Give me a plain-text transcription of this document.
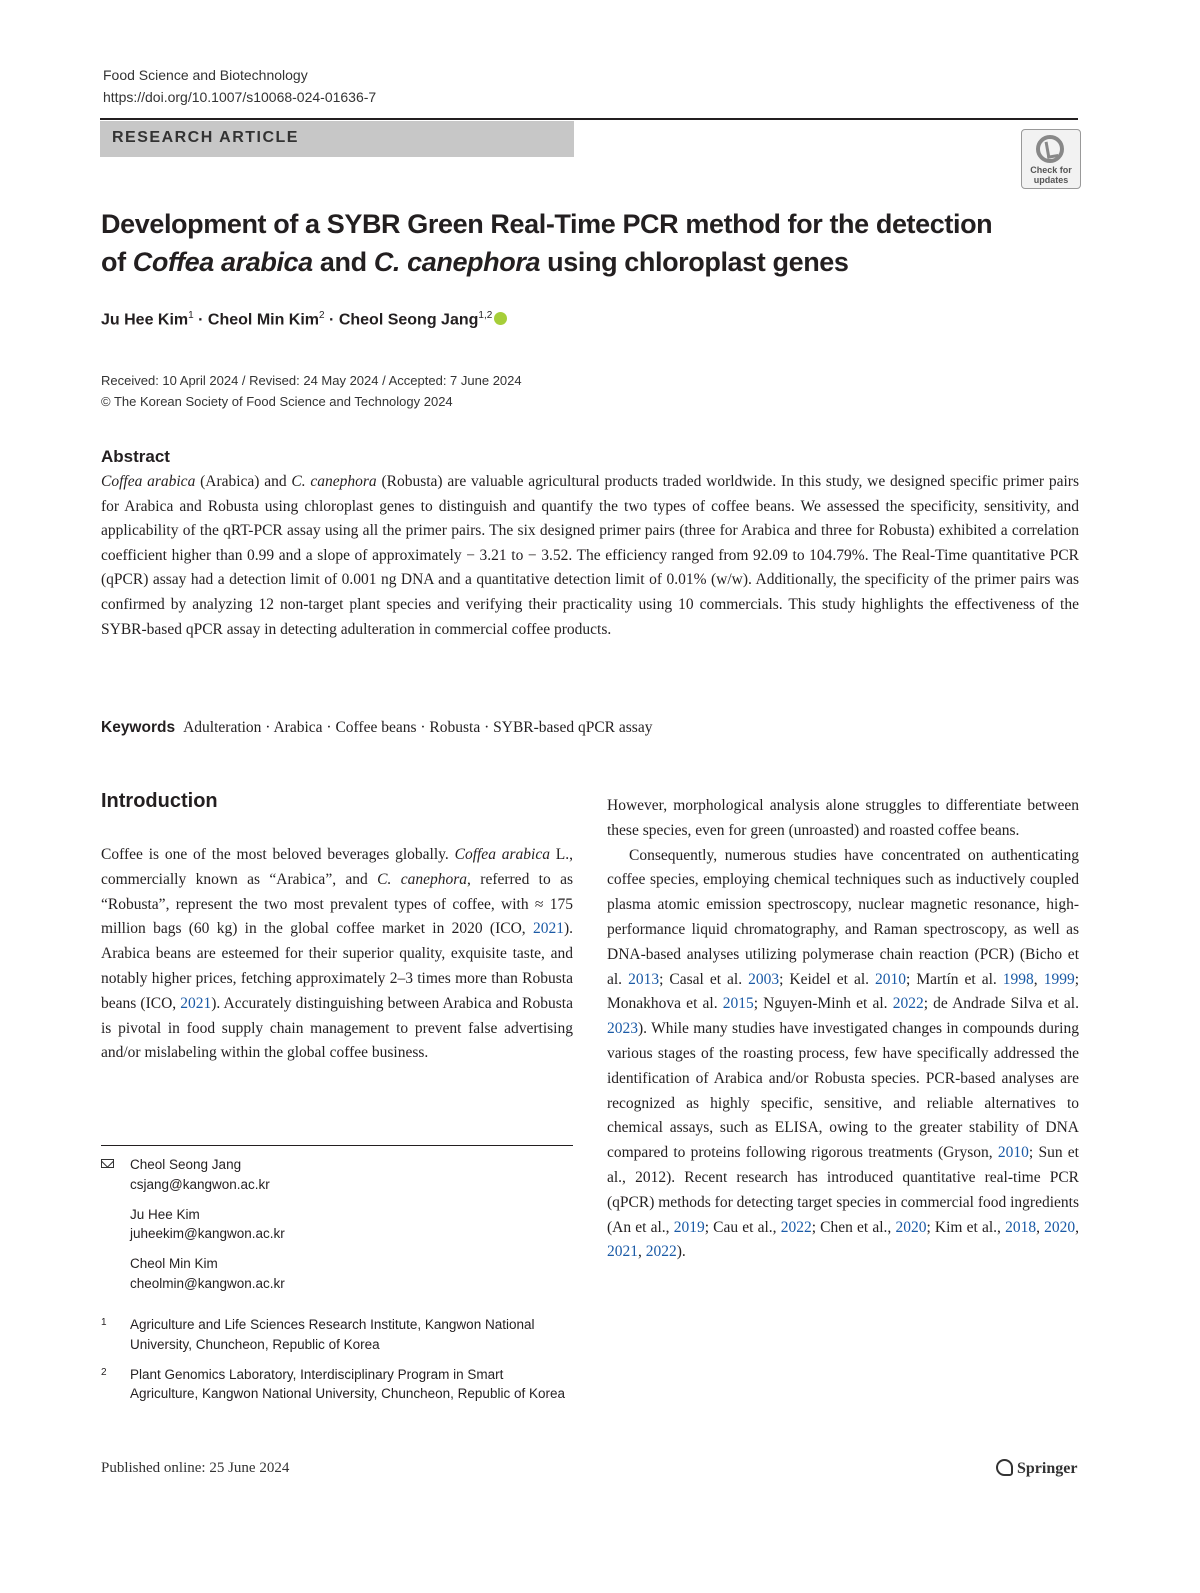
Food Science and Biotechnology
https://doi.org/10.1007/s10068-024-01636-7
RESEARCH ARTICLE
Check for
updates
Development of a SYBR Green Real-Time PCR method for the detection
of Coffea arabica and C. canephora using chloroplast genes
Ju Hee Kim$^1$ · Cheol Min Kim$^2$ · Cheol Seong Jang$^{1,2}$
Received: 10 April 2024 / Revised: 24 May 2024 / Accepted: 7 June 2024
© The Korean Society of Food Science and Technology 2024
Abstract
Coffea arabica (Arabica) and C. canephora (Robusta) are valuable agricultural products traded worldwide. In this study, we designed specific primer pairs for Arabica and Robusta using chloroplast genes to distinguish and quantify the two types of coffee beans. We assessed the specificity, sensitivity, and applicability of the qRT-PCR assay using all the primer pairs. The six designed primer pairs (three for Arabica and three for Robusta) exhibited a correlation coefficient higher than 0.99 and a slope of approximately − 3.21 to − 3.52. The efficiency ranged from 92.09 to 104.79%. The Real-Time quantitative PCR (qPCR) assay had a detection limit of 0.001 ng DNA and a quantitative detection limit of 0.01% (w/w). Additionally, the specificity of the primer pairs was confirmed by analyzing 12 non-target plant species and verifying their practicality using 10 commercials. This study highlights the effectiveness of the SYBR-based qPCR assay in detecting adulteration in commercial coffee products.
Keywords Adulteration · Arabica · Coffee beans · Robusta · SYBR-based qPCR assay
Introduction

Coffee is one of the most beloved beverages globally. Coffea arabica L., commercially known as “Arabica”, and C. canephora, referred to as “Robusta”, represent the two most prevalent types of coffee, with ≈ 175 million bags (60 kg) in the global coffee market in 2020 (ICO, 2021). Arabica beans are esteemed for their superior quality, exquisite taste, and notably higher prices, fetching approximately 2–3 times more than Robusta beans (ICO, 2021). Accurately distinguishing between Arabica and Robusta is pivotal in food supply chain management to prevent false advertising and/or mislabeling within the global coffee business.

However, morphological analysis alone struggles to differentiate between these species, even for green (unroasted) and roasted coffee beans.

Consequently, numerous studies have concentrated on authenticating coffee species, employing chemical techniques such as inductively coupled plasma atomic emission spectroscopy, nuclear magnetic resonance, high-performance liquid chromatography, and Raman spectroscopy, as well as DNA-based analyses utilizing polymerase chain reaction (PCR) (Bicho et al. 2013; Casal et al. 2003; Keidel et al. 2010; Martín et al. 1998, 1999; Monakhova et al. 2015; Nguyen-Minh et al. 2022; de Andrade Silva et al. 2023). While many studies have investigated changes in compounds during various stages of the roasting process, few have specifically addressed the identification of Arabica and/or Robusta species. PCR-based analyses are recognized as highly specific, sensitive, and reliable alternatives to chemical assays, such as ELISA, owing to the greater stability of DNA compared to proteins following rigorous treatments (Gryson, 2010; Sun et al., 2012). Recent research has introduced quantitative real-time PCR (qPCR) methods for detecting target species in commercial food ingredients (An et al., 2019; Cau et al., 2022; Chen et al., 2020; Kim et al., 2018, 2020, 2021, 2022).

Cheol Seong Jang
csjang@kangwon.ac.kr
Ju Hee Kim
juheekim@kangwon.ac.kr
Cheol Min Kim
cheolmin@kangwon.ac.kr
1 Agriculture and Life Sciences Research Institute, Kangwon National University, Chuncheon, Republic of Korea
2 Plant Genomics Laboratory, Interdisciplinary Program in Smart Agriculture, Kangwon National University, Chuncheon, Republic of Korea
Published online: 25 June 2024	Springer
